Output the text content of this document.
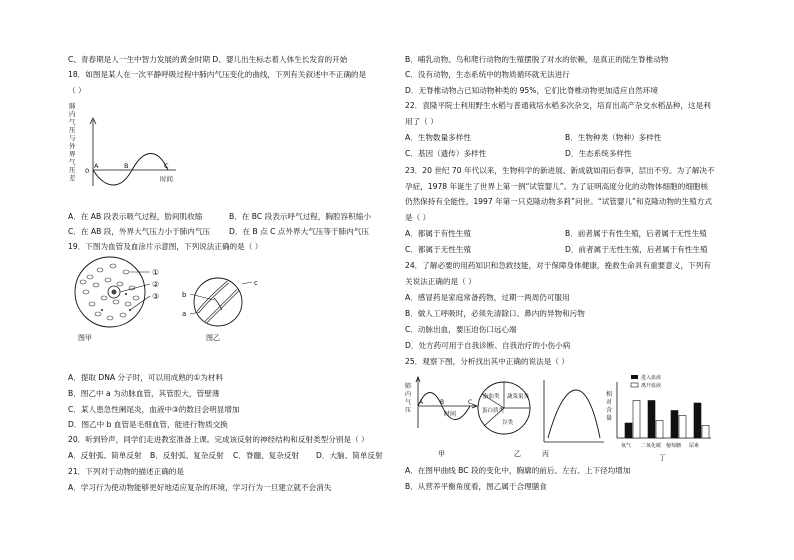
C、青春期是人一生中智力发展的黄金时期 D、婴儿出生标志着人体生长发育的开始
18．如图是某人在一次平静呼吸过程中肺内气压变化的曲线，下列有关叙述中不正确的是
（ ）
肺
内
气
压
与
外
界
气
压
差
0
A	B	C
时间
A．在 AB 段表示吸气过程，肋间肌收缩	B．在 BC 段表示呼气过程，胸腔容积缩小
C．在 AB 段，外界大气压力小于肺内气压 D．在 B 点 C 点外界大气压等于肺内气压
19．下图为血管及血涂片示意图，下列说法正确的是（ ）
①
②
③
图甲
a
b
c
图乙
A．提取 DNA 分子时，可以用成熟的①为材料
B．图乙中 a 为动脉血管，其管腔大，管壁薄
C．某人患急性阑尾炎，血液中③的数目会明显增加
D．图乙中 b 血管是毛细血管，能进行物质交换
20．听到铃声，同学们走进教室准备上课。完成该反射的神经结构和反射类型分别是（ ）
A．反射弧、简单反射 B．反射弧、复杂反射 C．脊髓、复杂反射 D．大脑、简单反射
21．下列对于动物的描述正确的是
A．学习行为使动物能够更好地适应复杂的环境，学习行为一旦建立就不会消失
B．哺乳动物、鸟和爬行动物的生殖摆脱了对水的依赖，是真正的陆生脊椎动物
C．没有动物，生态系统中的物质循环就无法进行
D．无脊椎动物占已知动物种类的 95%，它们比脊椎动物更加适应自然环境
22．袁隆平院士利用野生水稻与普通栽培水稻多次杂交，培育出高产杂交水稻品种，这是利
用了（ ）
A．生物数量多样性	B．生物种类（物种）多样性
C．基因（遗传）多样性	D．生态系统多样性
23．20 世纪 70 年代以来，生物科学的新进展、新成就如雨后春笋，层出不穷。为了解决不
孕症，1978 年诞生了世界上第一例“试管婴儿”。为了证明高度分化的动物体细胞的细胞核
仍然保持有全能性，1997 年第一只克隆动物多莉”问世。“试管婴儿”和克隆动物的生殖方式
是（ ）
A．都属于有性生殖	B．前者属于有性生殖，后者属于无性生殖
C．都属于无性生殖	D．前者属于无性生殖，后者属于有性生殖
24．了解必要的用药知识和急救技能，对于保障身体健康，挽救生命具有重要意义，下列有
关说法正确的是（ ）
A．感冒药是家庭常备药物，过期一两周仍可服用
B．做人工呼吸时，必须先清除口、鼻内的异物和污物
C．动脉出血，要压迫伤口远心端
D．处方药可用于自我诊断、自我治疗的小伤小病
25．观察下图，分析找出其中正确的说法是（ ）
肺
内
气
压
A	B	C
时间
甲
脂肪类
蛋白质类
蔬菜果类
谷类
乙	丙
相
对
含
量
进入血液
离开血液
氧气 二氧化碳 葡萄糖 尿素
丁
A．在图甲曲线 BC 段的变化中，胸廓的前后、左右、上下径均增加
B．从营养平衡角度看，图乙属于合理膳食
